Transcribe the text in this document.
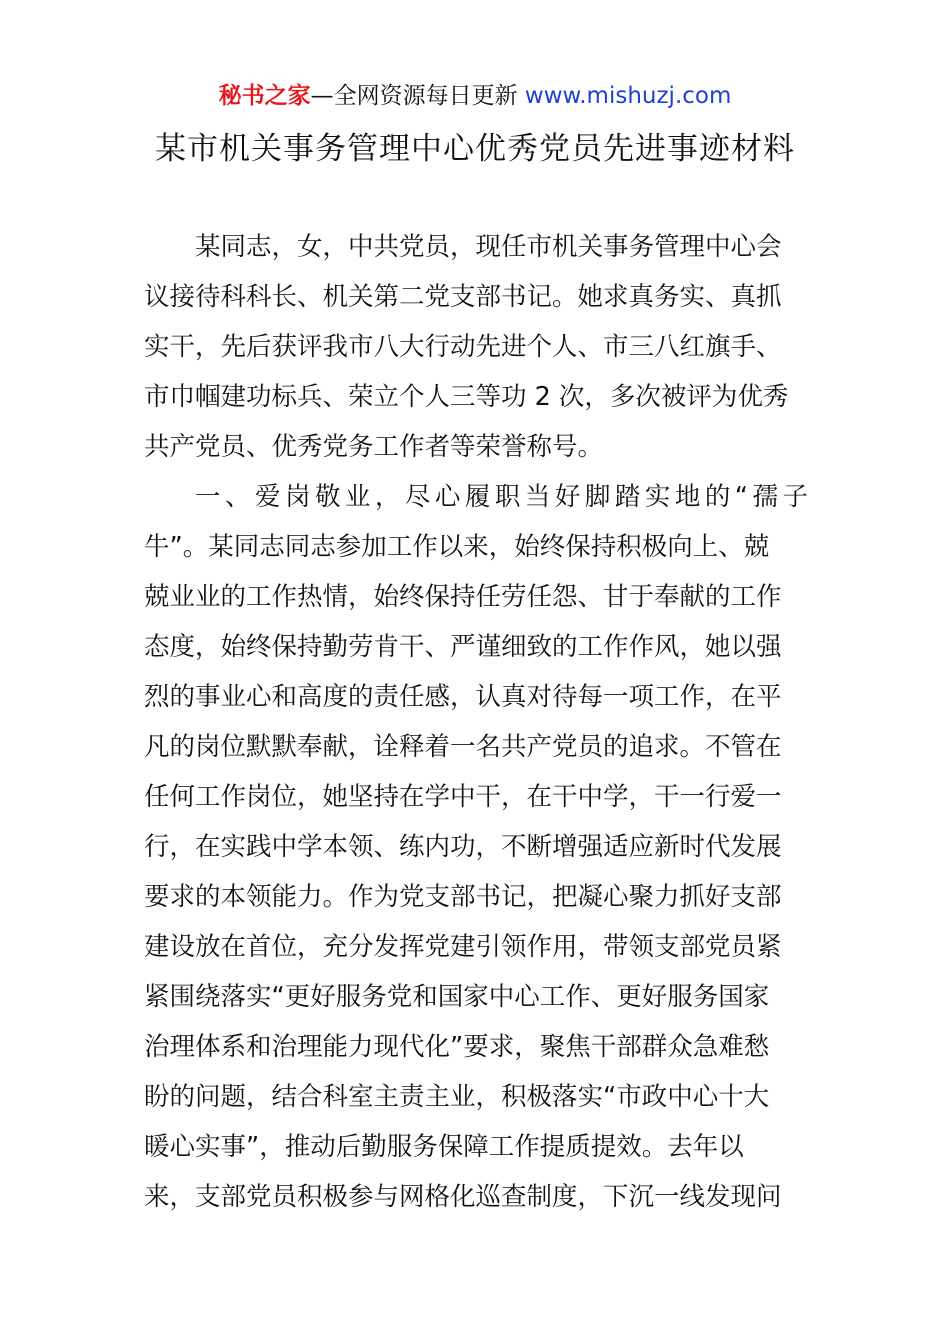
秘书之家—全网资源每日更新 www.mishuzj.com
某市机关事务管理中心优秀党员先进事迹材料
某同志，女，中共党员，现任市机关事务管理中心会
议接待科科长、机关第二党支部书记。她求真务实、真抓
实干，先后获评我市八大行动先进个人、市三八红旗手、
市巾帼建功标兵、荣立个人三等功 2 次，多次被评为优秀
共产党员、优秀党务工作者等荣誉称号。
一、爱岗敬业，尽心履职当好脚踏实地的“孺子
牛”。某同志同志参加工作以来，始终保持积极向上、兢
兢业业的工作热情，始终保持任劳任怨、甘于奉献的工作
态度，始终保持勤劳肯干、严谨细致的工作作风，她以强
烈的事业心和高度的责任感，认真对待每一项工作，在平
凡的岗位默默奉献，诠释着一名共产党员的追求。不管在
任何工作岗位，她坚持在学中干，在干中学，干一行爱一
行，在实践中学本领、练内功，不断增强适应新时代发展
要求的本领能力。作为党支部书记，把凝心聚力抓好支部
建设放在首位，充分发挥党建引领作用，带领支部党员紧
紧围绕落实“更好服务党和国家中心工作、更好服务国家
治理体系和治理能力现代化”要求，聚焦干部群众急难愁
盼的问题，结合科室主责主业，积极落实“市政中心十大
暖心实事”，推动后勤服务保障工作提质提效。去年以
来，支部党员积极参与网格化巡查制度，下沉一线发现问
